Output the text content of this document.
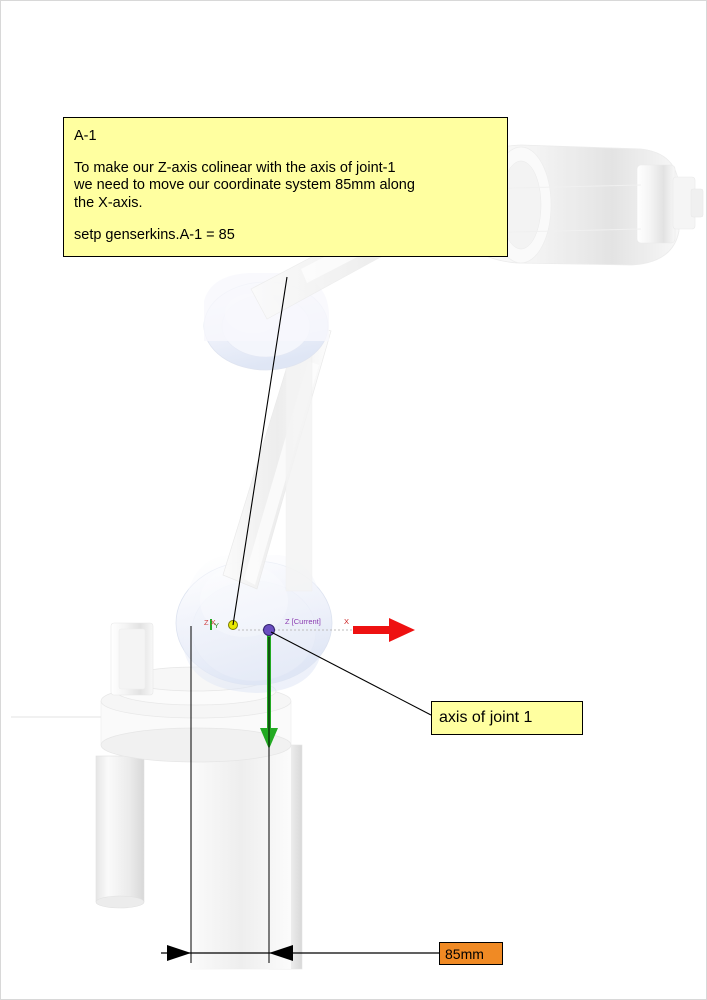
Z X
Y	Z [Current]	X
A-1
To make our Z-axis colinear with the axis of joint-1
we need to move our coordinate system 85mm along
the X-axis.
setp genserkins.A-1 = 85
axis of joint 1
85mm
